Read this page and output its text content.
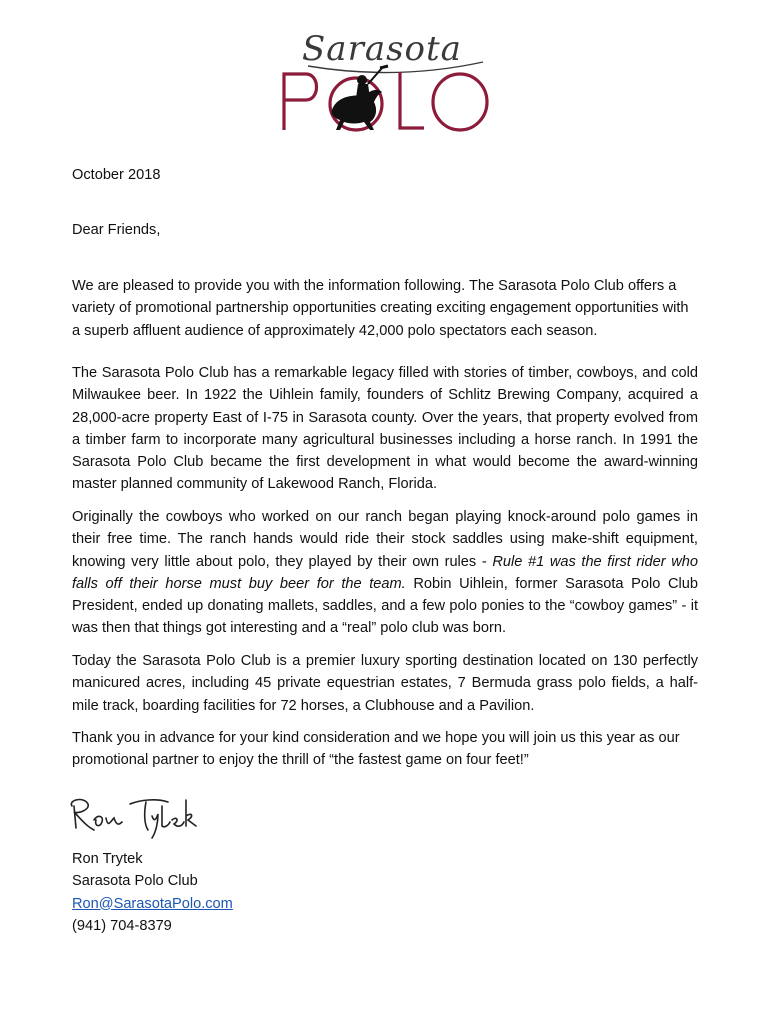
Sarasota
October 2018
Dear Friends,

We are pleased to provide you with the information following. The Sarasota Polo Club offers a variety of promotional partnership opportunities creating exciting engagement opportunities with a superb affluent audience of approximately 42,000 polo spectators each season.

The Sarasota Polo Club has a remarkable legacy filled with stories of timber, cowboys, and cold Milwaukee beer. In 1922 the Uihlein family, founders of Schlitz Brewing Company, acquired a 28,000-acre property East of I-75 in Sarasota county. Over the years, that property evolved from a timber farm to incorporate many agricultural businesses including a horse ranch. In 1991 the Sarasota Polo Club became the first development in what would become the award-winning master planned community of Lakewood Ranch, Florida.

Originally the cowboys who worked on our ranch began playing knock-around polo games in their free time. The ranch hands would ride their stock saddles using make-shift equipment, knowing very little about polo, they played by their own rules - Rule #1 was the first rider who falls off their horse must buy beer for the team. Robin Uihlein, former Sarasota Polo Club President, ended up donating mallets, saddles, and a few polo ponies to the “cowboy games” - it was then that things got interesting and a “real” polo club was born.

Today the Sarasota Polo Club is a premier luxury sporting destination located on 130 perfectly manicured acres, including 45 private equestrian estates, 7 Bermuda grass polo fields, a half-mile track, boarding facilities for 72 horses, a Clubhouse and a Pavilion.

Thank you in advance for your kind consideration and we hope you will join us this year as our promotional partner to enjoy the thrill of “the fastest game on four feet!”

Ron Trytek
Sarasota Polo Club
Ron@SarasotaPolo.com
(941) 704-8379
